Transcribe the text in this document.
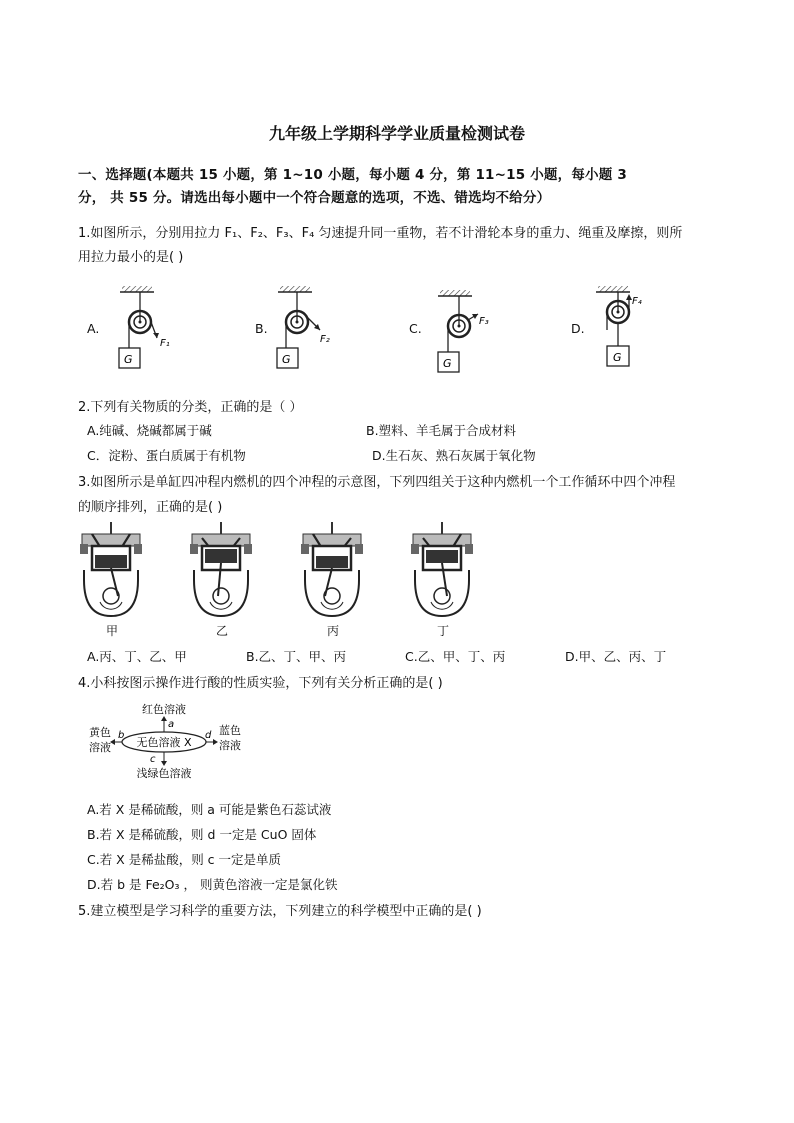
九年级上学期科学学业质量检测试卷
一、选择题(本题共 15 小题，第 1~10 小题，每小题 4 分，第 11~15 小题，每小题 3
分， 共 55 分。请选出每小题中一个符合题意的选项，不选、错选均不给分）
1.如图所示，分别用拉力 F₁、F₂、F₃、F₄ 匀速提升同一重物，若不计滑轮本身的重力、绳重及摩擦，则所
用拉力最小的是( )
A.	B.	C.	D.
F₁
G
F₂
G
F₃
G
F₄
G
2.下列有关物质的分类，正确的是（ ）
A.纯碱、烧碱都属于碱	B.塑料、羊毛属于合成材料
C．淀粉、蛋白质属于有机物	D.生石灰、熟石灰属于氧化物
3.如图所示是单缸四冲程内燃机的四个冲程的示意图，下列四组关于这种内燃机一个工作循环中四个冲程
的顺序排列，正确的是( )
甲	乙	丙	丁
A.丙、丁、乙、甲	B.乙、丁、甲、丙	C.乙、甲、丁、丙	D.甲、乙、丙、丁
4.小科按图示操作进行酸的性质实验，下列有关分析正确的是( )
无色溶液 X
红色溶液
a
c
浅绿色溶液
b
黄色
溶液
d 蓝色
溶液
A.若 X 是稀硫酸，则 a 可能是紫色石蕊试液
B.若 X 是稀硫酸，则 d 一定是 CuO 固体
C.若 X 是稀盐酸，则 c 一定是单质
D.若 b 是 Fe₂O₃ ， 则黄色溶液一定是氯化铁
5.建立模型是学习科学的重要方法，下列建立的科学模型中正确的是( )
